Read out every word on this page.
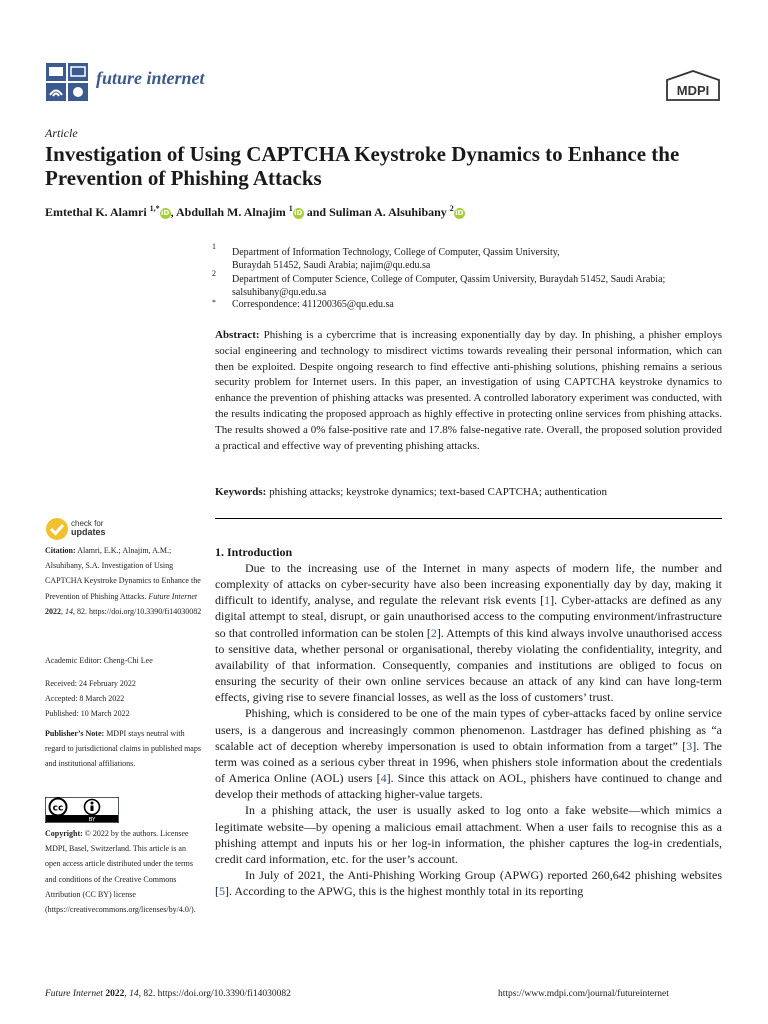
future internet
MDPI
Article
Investigation of Using CAPTCHA Keystroke Dynamics to Enhance the Prevention of Phishing Attacks
Emtethal K. Alamri $^{1,*}$iD, Abdullah M. Alnajim $^1$iD and Suliman A. Alsuhibany $^2$iD
1
Department of Information Technology, College of Computer, Qassim University,
Buraydah 51452, Saudi Arabia; najim@qu.edu.sa
2
Department of Computer Science, College of Computer, Qassim University, Buraydah 51452, Saudi Arabia;
salsuhibany@qu.edu.sa
* Correspondence: 411200365@qu.edu.sa
Abstract: Phishing is a cybercrime that is increasing exponentially day by day. In phishing, a phisher employs social engineering and technology to misdirect victims towards revealing their personal information, which can then be exploited. Despite ongoing research to find effective anti-phishing solutions, phishing remains a serious security problem for Internet users. In this paper, an investigation of using CAPTCHA keystroke dynamics to enhance the prevention of phishing attacks was presented. A controlled laboratory experiment was conducted, with the results indicating the proposed approach as highly effective in protecting online services from phishing attacks. The results showed a 0% false-positive rate and 17.8% false-negative rate. Overall, the proposed solution provided a practical and effective way of preventing phishing attacks.
Keywords: phishing attacks; keystroke dynamics; text-based CAPTCHA; authentication
check for
updates
Citation: Alamri, E.K.; Alnajim, A.M.; Alsuhibany, S.A. Investigation of Using CAPTCHA Keystroke Dynamics to Enhance the Prevention of Phishing Attacks. Future Internet 2022, 14, 82. https://doi.org/10.3390/fi14030082
Academic Editor: Cheng-Chi Lee
Received: 24 February 2022
Accepted: 8 March 2022
Published: 10 March 2022
Publisher’s Note: MDPI stays neutral with regard to jurisdictional claims in published maps and institutional affiliations.
cc
BY
Copyright: © 2022 by the authors. Licensee MDPI, Basel, Switzerland. This article is an open access article distributed under the terms and conditions of the Creative Commons Attribution (CC BY) license (https://creativecommons.org/licenses/by/4.0/).
1. Introduction

Due to the increasing use of the Internet in many aspects of modern life, the number and complexity of attacks on cyber-security have also been increasing exponentially day by day, making it difficult to identify, analyse, and regulate the relevant risk events [1]. Cyber-attacks are defined as any digital attempt to steal, disrupt, or gain unauthorised access to the computing environment/infrastructure so that controlled information can be stolen [2]. Attempts of this kind always involve unauthorised access to sensitive data, whether personal or organisational, thereby violating the confidentiality, integrity, and availability of that information. Consequently, companies and institutions are obliged to focus on ensuring the security of their own online services because an attack of any kind can have long-term effects, giving rise to severe financial losses, as well as the loss of customers’ trust.

Phishing, which is considered to be one of the main types of cyber-attacks faced by online service users, is a dangerous and increasingly common phenomenon. Lastdrager has defined phishing as “a scalable act of deception whereby impersonation is used to obtain information from a target” [3]. The term was coined as a serious cyber threat in 1996, when phishers stole information about the credentials of America Online (AOL) users [4]. Since this attack on AOL, phishers have continued to change and develop their methods of attacking higher-value targets.

In a phishing attack, the user is usually asked to log onto a fake website—which mimics a legitimate website—by opening a malicious email attachment. When a user fails to recognise this as a phishing attempt and inputs his or her log-in information, the phisher captures the log-in credentials, credit card information, etc. for the user’s account.

In July of 2021, the Anti-Phishing Working Group (APWG) reported 260,642 phishing websites [5]. According to the APWG, this is the highest monthly total in its reporting

Future Internet 2022, 14, 82. https://doi.org/10.3390/fi14030082	https://www.mdpi.com/journal/futureinternet
